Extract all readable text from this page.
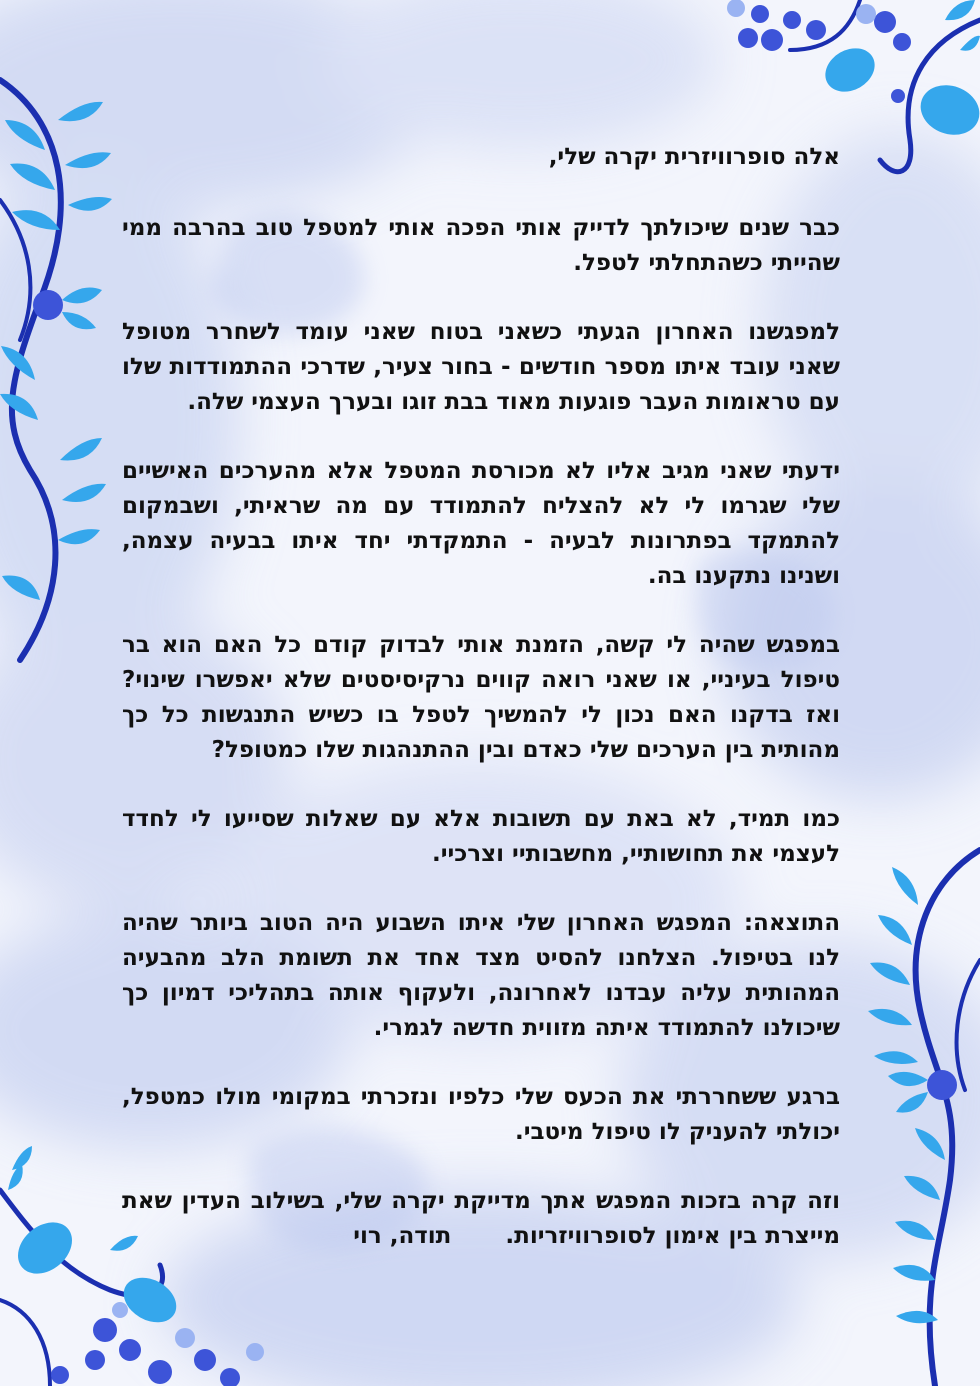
אלה סופרוויזרית יקרה שלי,

כבר שנים שיכולתך לדייק אותי הפכה אותי למטפל טוב בהרבה ממי שהייתי כשהתחלתי לטפל.

למפגשנו האחרון הגעתי כשאני בטוח שאני עומד לשחרר מטופל שאני עובד איתו מספר חודשים - בחור צעיר, שדרכי ההתמודדות שלו עם טראומות העבר פוגעות מאוד בבת זוגו ובערך העצמי שלה.

ידעתי שאני מגיב אליו לא מכורסת המטפל אלא מהערכים האישיים שלי שגרמו לי לא להצליח להתמודד עם מה שראיתי, ושבמקום להתמקד בפתרונות לבעיה - התמקדתי יחד איתו בבעיה עצמה, ושנינו נתקענו בה.

במפגש שהיה לי קשה, הזמנת אותי לבדוק קודם כל האם הוא בר טיפול בעיניי, או שאני רואה קווים נרקיסיסטים שלא יאפשרו שינוי? ואז בדקנו האם נכון לי להמשיך לטפל בו כשיש התנגשות כל כך מהותית בין הערכים שלי כאדם ובין ההתנהגות שלו כמטופל?

כמו תמיד, לא באת עם תשובות אלא עם שאלות שסייעו לי לחדד לעצמי את תחושותיי, מחשבותיי וצרכיי.

התוצאה: המפגש האחרון שלי איתו השבוע היה הטוב ביותר שהיה לנו בטיפול. הצלחנו להסיט מצד אחד את תשומת הלב מהבעיה המהותית עליה עבדנו לאחרונה, ולעקוף אותה בתהליכי דמיון כך שיכולנו להתמודד איתה מזווית חדשה לגמרי.

ברגע ששחררתי את הכעס שלי כלפיו ונזכרתי במקומי מולו כמטפל, יכולתי להעניק לו טיפול מיטבי.

וזה קרה בזכות המפגש אתך מדייקת יקרה שלי, בשילוב העדין שאת מייצרת בין אימון לסופרוויזריות.   תודה, רוי
